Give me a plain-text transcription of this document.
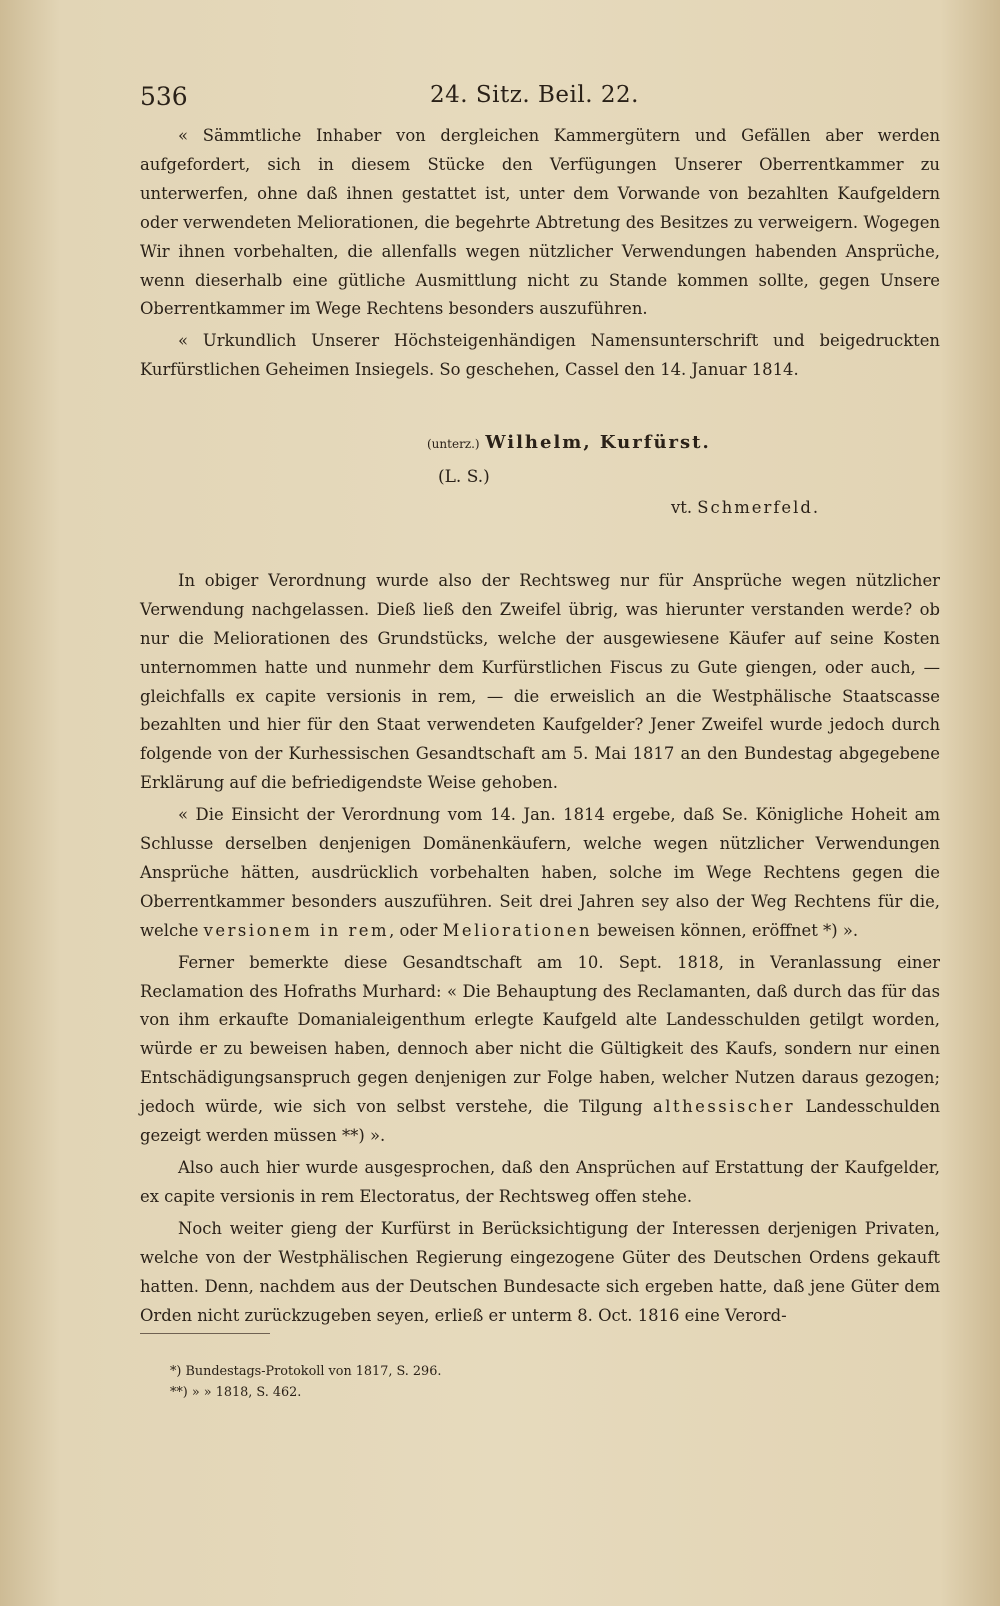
536	24. Sitz. Beil. 22.

« Sämmtliche Inhaber von dergleichen Kammergütern und Gefällen aber werden aufgefordert, sich in diesem Stücke den Verfügungen Unserer Oberrentkammer zu unterwerfen, ohne daß ihnen gestattet ist, unter dem Vorwande von bezahlten Kaufgeldern oder verwendeten Meliorationen, die begehrte Abtretung des Besitzes zu verweigern. Wogegen Wir ihnen vorbehalten, die allenfalls wegen nützlicher Verwendungen habenden Ansprüche, wenn dieserhalb eine gütliche Ausmittlung nicht zu Stande kommen sollte, gegen Unsere Oberrentkammer im Wege Rechtens besonders auszuführen.

« Urkundlich Unserer Höchsteigenhändigen Namensunterschrift und beigedruckten Kurfürstlichen Geheimen Insiegels. So geschehen, Cassel den 14. Januar 1814.

(unterz.) Wilhelm, Kurfürst.

(L. S.)

vt. Schmerfeld.

In obiger Verordnung wurde also der Rechtsweg nur für Ansprüche wegen nützlicher Verwendung nachgelassen. Dieß ließ den Zweifel übrig, was hierunter verstanden werde? ob nur die Meliorationen des Grundstücks, welche der ausgewiesene Käufer auf seine Kosten unternommen hatte und nunmehr dem Kurfürstlichen Fiscus zu Gute giengen, oder auch, — gleichfalls ex capite versionis in rem, — die erweislich an die Westphälische Staatscasse bezahlten und hier für den Staat verwendeten Kaufgelder? Jener Zweifel wurde jedoch durch folgende von der Kurhessischen Gesandtschaft am 5. Mai 1817 an den Bundestag abgegebene Erklärung auf die befriedigendste Weise gehoben.

« Die Einsicht der Verordnung vom 14. Jan. 1814 ergebe, daß Se. Königliche Hoheit am Schlusse derselben denjenigen Domänenkäufern, welche wegen nützlicher Verwendungen Ansprüche hätten, ausdrücklich vorbehalten haben, solche im Wege Rechtens gegen die Oberrentkammer besonders auszuführen. Seit drei Jahren sey also der Weg Rechtens für die, welche versionem in rem, oder Meliorationen beweisen können, eröffnet *) ».

Ferner bemerkte diese Gesandtschaft am 10. Sept. 1818, in Veranlassung einer Reclamation des Hofraths Murhard: « Die Behauptung des Reclamanten, daß durch das für das von ihm erkaufte Domanialeigenthum erlegte Kaufgeld alte Landesschulden getilgt worden, würde er zu beweisen haben, dennoch aber nicht die Gültigkeit des Kaufs, sondern nur einen Entschädigungsanspruch gegen denjenigen zur Folge haben, welcher Nutzen daraus gezogen; jedoch würde, wie sich von selbst verstehe, die Tilgung althessischer Landesschulden gezeigt werden müssen **) ».

Also auch hier wurde ausgesprochen, daß den Ansprüchen auf Erstattung der Kaufgelder, ex capite versionis in rem Electoratus, der Rechtsweg offen stehe.

Noch weiter gieng der Kurfürst in Berücksichtigung der Interessen derjenigen Privaten, welche von der Westphälischen Regierung eingezogene Güter des Deutschen Ordens gekauft hatten. Denn, nachdem aus der Deutschen Bundesacte sich ergeben hatte, daß jene Güter dem Orden nicht zurückzugeben seyen, erließ er unterm 8. Oct. 1816 eine Verord-

*) Bundestags-Protokoll von 1817, S. 296.
**) » » 1818, S. 462.
